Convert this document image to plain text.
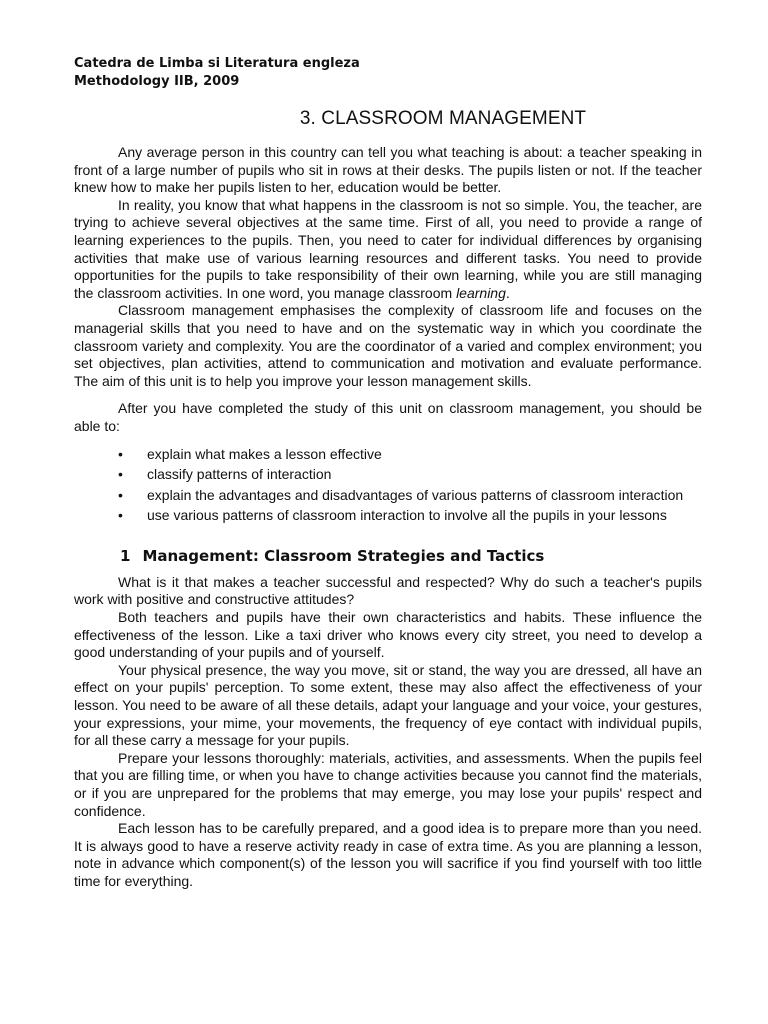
Catedra de Limba si Literatura engleza
Methodology IIB, 2009
3. CLASSROOM MANAGEMENT

Any average person in this country can tell you what teaching is about: a teacher speaking in front of a large number of pupils who sit in rows at their desks. The pupils listen or not. If the teacher knew how to make her pupils listen to her, education would be better.

In reality, you know that what happens in the classroom is not so simple. You, the teacher, are trying to achieve several objectives at the same time. First of all, you need to provide a range of learning experiences to the pupils. Then, you need to cater for individual differences by organising activities that make use of various learning resources and different tasks. You need to provide opportunities for the pupils to take responsibility of their own learning, while you are still managing the classroom activities. In one word, you manage classroom learning.

Classroom management emphasises the complexity of classroom life and focuses on the managerial skills that you need to have and on the systematic way in which you coordinate the classroom variety and complexity. You are the coordinator of a varied and complex environment; you set objectives, plan activities, attend to communication and motivation and evaluate performance. The aim of this unit is to help you improve your lesson management skills.

After you have completed the study of this unit on classroom management, you should be able to:

• explain what makes a lesson effective
• classify patterns of interaction
• explain the advantages and disadvantages of various patterns of classroom interaction
• use various patterns of classroom interaction to involve all the pupils in your lessons
1 Management: Classroom Strategies and Tactics

What is it that makes a teacher successful and respected? Why do such a teacher's pupils work with positive and constructive attitudes?

Both teachers and pupils have their own characteristics and habits. These influence the effectiveness of the lesson. Like a taxi driver who knows every city street, you need to develop a good understanding of your pupils and of yourself.

Your physical presence, the way you move, sit or stand, the way you are dressed, all have an effect on your pupils' perception. To some extent, these may also affect the effectiveness of your lesson. You need to be aware of all these details, adapt your language and your voice, your gestures, your expressions, your mime, your movements, the frequency of eye contact with individual pupils, for all these carry a message for your pupils.

Prepare your lessons thoroughly: materials, activities, and assessments. When the pupils feel that you are filling time, or when you have to change activities because you cannot find the materials, or if you are unprepared for the problems that may emerge, you may lose your pupils' respect and confidence.

Each lesson has to be carefully prepared, and a good idea is to prepare more than you need. It is always good to have a reserve activity ready in case of extra time. As you are planning a lesson, note in advance which component(s) of the lesson you will sacrifice if you find yourself with too little time for everything.
